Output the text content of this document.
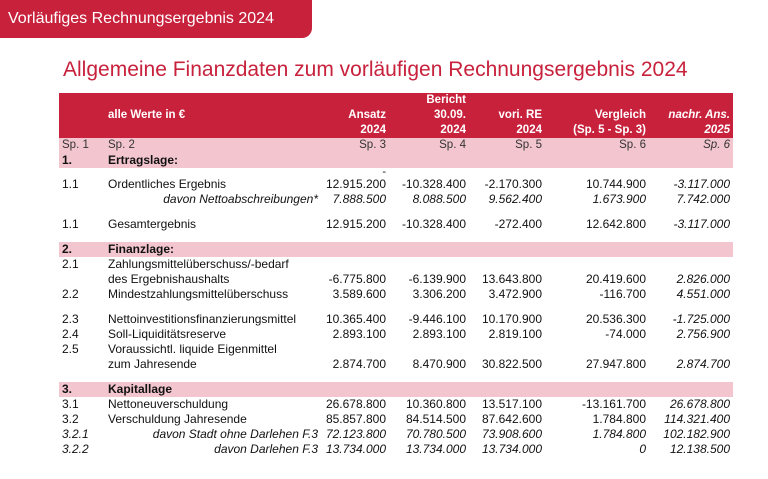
Vorläufiges Rechnungsergebnis 2024
Allgemeine Finanzdaten zum vorläufigen Rechnungsergebnis 2024
			Bericht			
	alle Werte in €	Ansatz	30.09.	vori. RE	Vergleich	nachr. Ans.
		2024	2024	2024	(Sp. 5 - Sp. 3)	2025
Sp. 1	Sp. 2	Sp. 3	Sp. 4	Sp. 5	Sp. 6	Sp. 6
1.	Ertragslage:					
		-				
1.1	Ordentliches Ergebnis	12.915.200	-10.328.400	-2.170.300	10.744.900	-3.117.000
	davon Nettoabschreibungen*	7.888.500	8.088.500	9.562.400	1.673.900	7.742.000

1.1	Gesamtergebnis	12.915.200	-10.328.400	-272.400	12.642.800	-3.117.000

2.	Finanzlage:					
2.1	Zahlungsmittelüberschuss/-bedarf					
	des Ergebnishaushalts	-6.775.800	-6.139.900	13.643.800	20.419.600	2.826.000
2.2	Mindestzahlungsmittelüberschuss	3.589.600	3.306.200	3.472.900	-116.700	4.551.000

2.3	Nettoinvestitionsfinanzierungsmittel	10.365.400	-9.446.100	10.170.900	20.536.300	-1.725.000
2.4	Soll-Liquiditätsreserve	2.893.100	2.893.100	2.819.100	-74.000	2.756.900
2.5	Voraussichtl. liquide Eigenmittel					
	zum Jahresende	2.874.700	8.470.900	30.822.500	27.947.800	2.874.700

3.	Kapitallage					
3.1	Nettoneuverschuldung	26.678.800	10.360.800	13.517.100	-13.161.700	26.678.800
3.2	Verschuldung Jahresende	85.857.800	84.514.500	87.642.600	1.784.800	114.321.400
3.2.1	davon Stadt ohne Darlehen F.3	72.123.800	70.780.500	73.908.600	1.784.800	102.182.900
3.2.2	davon Darlehen F.3	13.734.000	13.734.000	13.734.000	0	12.138.500
